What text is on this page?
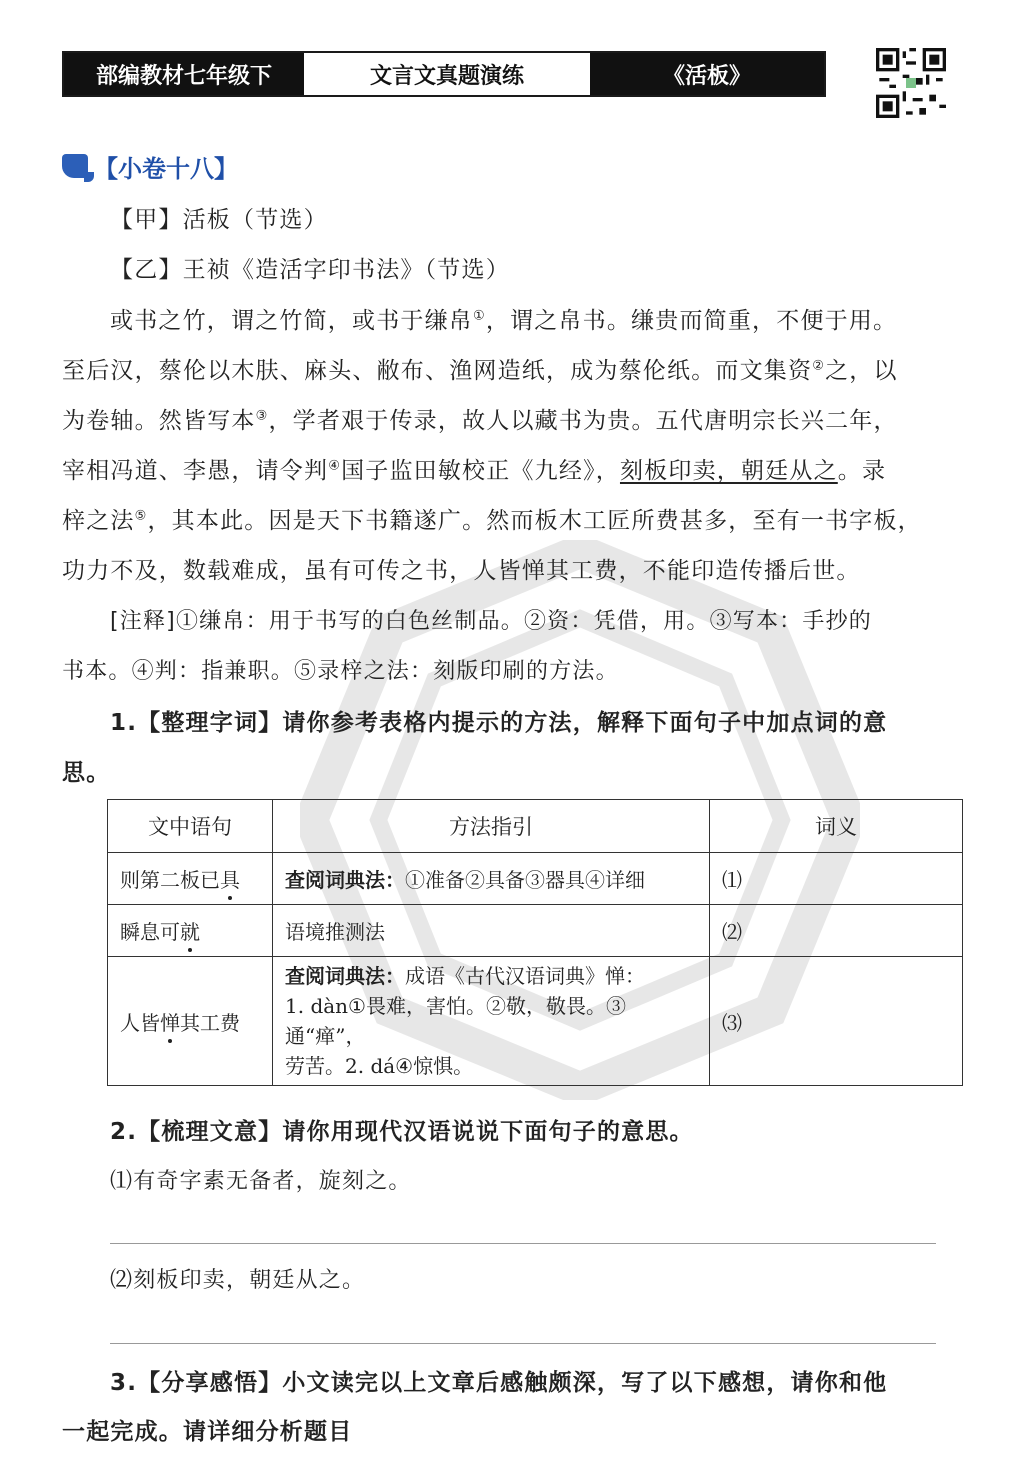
部编教材七年级下	文言文真题演练	《活板》
【小卷十八】
【甲】活板（节选）
【乙】王祯《造活字印书法》（节选）
或书之竹，谓之竹简，或书于缣帛①，谓之帛书。缣贵而简重，不便于用。
至后汉，蔡伦以木肤、麻头、敝布、渔网造纸，成为蔡伦纸。而文集资②之，以
为卷轴。然皆写本③，学者艰于传录，故人以藏书为贵。五代唐明宗长兴二年，
宰相冯道、李愚，请令判④国子监田敏校正《九经》，刻板印卖，朝廷从之。录
梓之法⑤，其本此。因是天下书籍遂广。然而板木工匠所费甚多，至有一书字板，
功力不及，数载难成，虽有可传之书，人皆惮其工费，不能印造传播后世。
[注释]①缣帛：用于书写的白色丝制品。②资：凭借，用。③写本：手抄的
书本。④判：指兼职。⑤录梓之法：刻版印刷的方法。
1.【整理字词】请你参考表格内提示的方法，解释下面句子中加点词的意
思。
文中语句	方法指引	词义
则第二板已具	查阅词典法：①准备②具备③器具④详细	⑴
瞬息可就	语境推测法	⑵
人皆惮其工费	查阅词典法：成语《古代汉语词典》惮：
1. dàn①畏难，害怕。②敬，敬畏。③通“瘅”，
劳苦。2. dá④惊惧。	⑶
2.【梳理文意】请你用现代汉语说说下面句子的意思。
⑴有奇字素无备者，旋刻之。
⑵刻板印卖，朝廷从之。
3.【分享感悟】小文读完以上文章后感触颇深，写了以下感想，请你和他
一起完成。请详细分析题目
